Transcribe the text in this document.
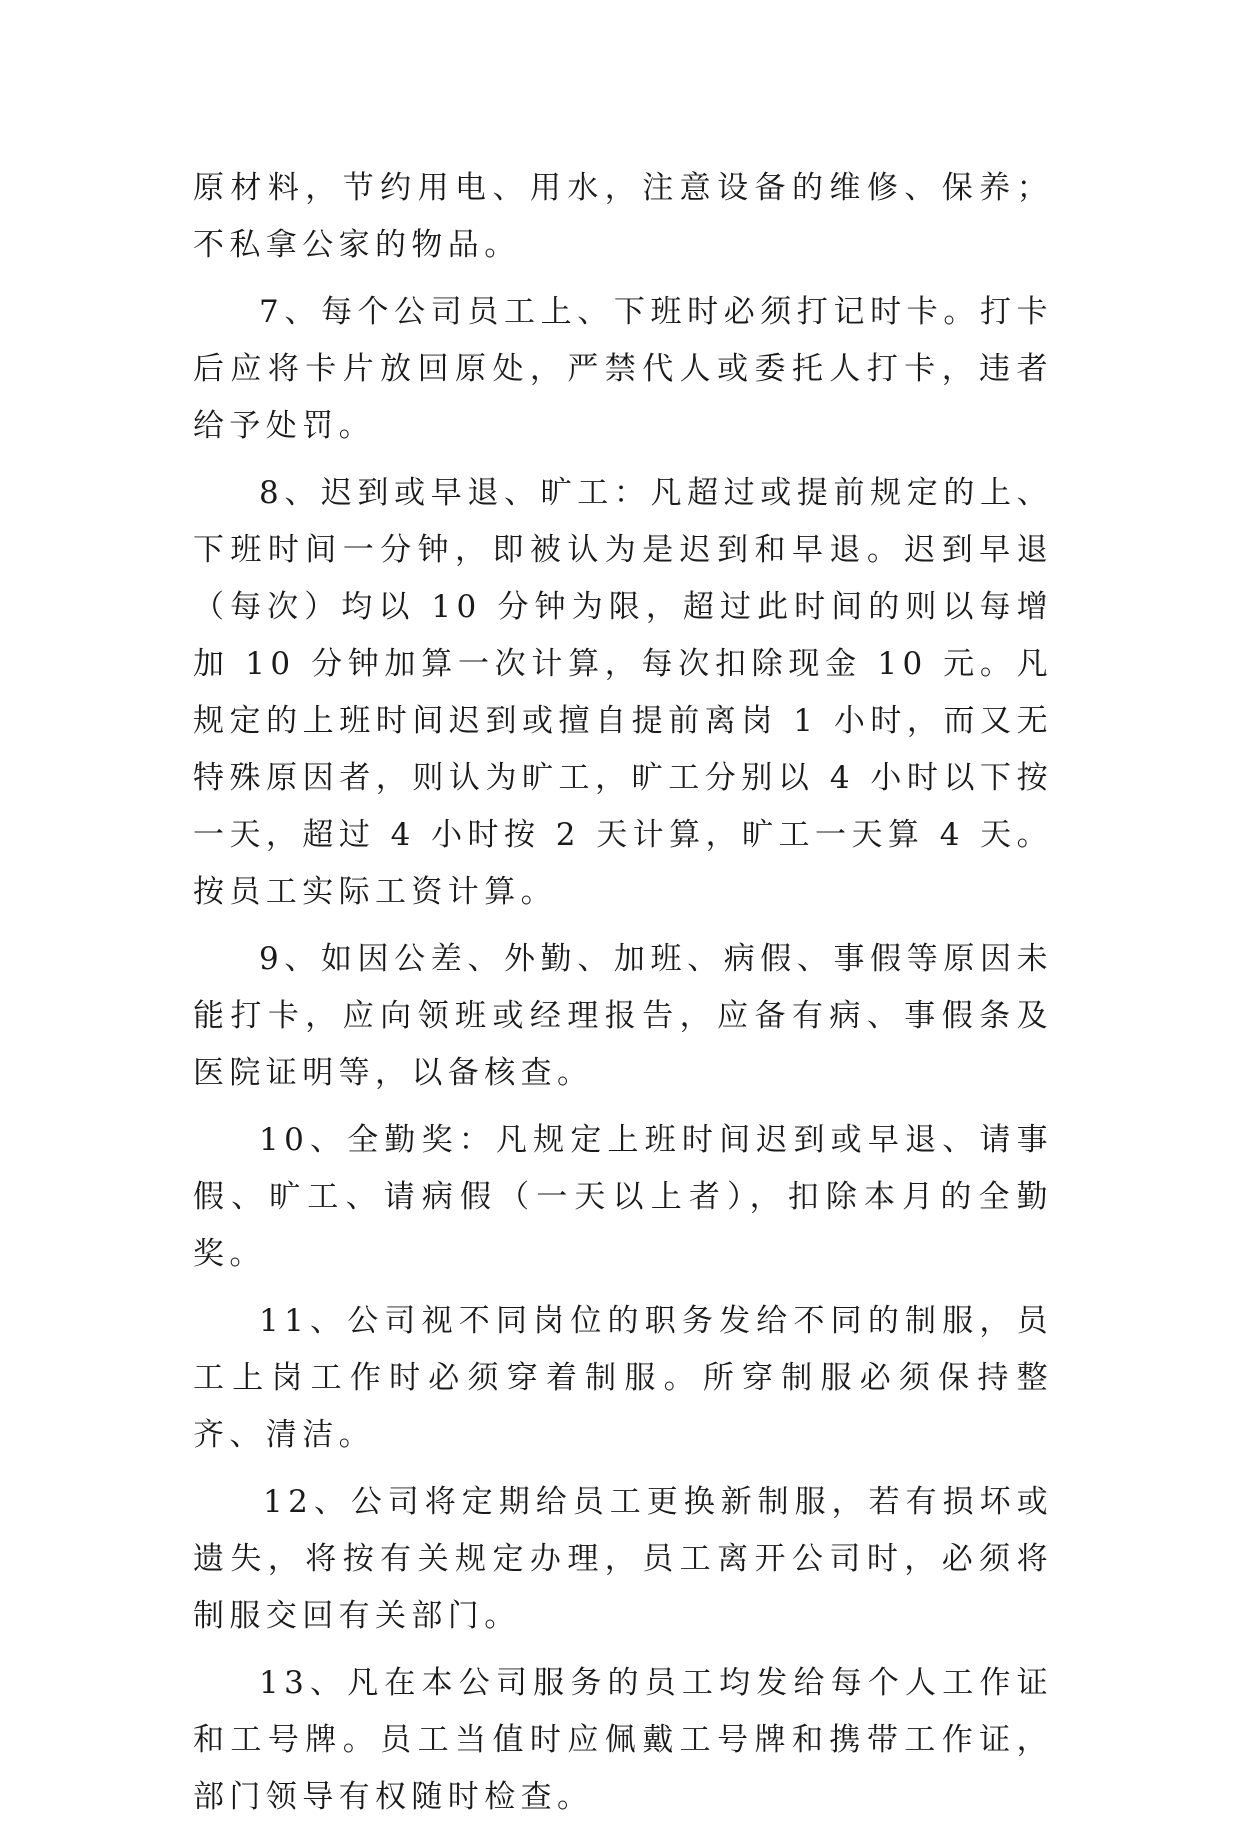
原材料，节约用电、用水，注意设备的维修、保养；不私拿公家的物品。

7、每个公司员工上、下班时必须打记时卡。打卡后应将卡片放回原处，严禁代人或委托人打卡，违者给予处罚。

8、迟到或早退、旷工：凡超过或提前规定的上、下班时间一分钟，即被认为是迟到和早退。迟到早退（每次）均以 10 分钟为限，超过此时间的则以每增加 10 分钟加算一次计算，每次扣除现金 10 元。凡规定的上班时间迟到或擅自提前离岗 1 小时，而又无特殊原因者，则认为旷工，旷工分别以 4 小时以下按一天，超过 4 小时按 2 天计算，旷工一天算 4 天。按员工实际工资计算。

9、如因公差、外勤、加班、病假、事假等原因未能打卡，应向领班或经理报告，应备有病、事假条及医院证明等，以备核查。

10、全勤奖：凡规定上班时间迟到或早退、请事假、旷工、请病假（一天以上者），扣除本月的全勤奖。

11、公司视不同岗位的职务发给不同的制服，员工上岗工作时必须穿着制服。所穿制服必须保持整齐、清洁。

12、公司将定期给员工更换新制服，若有损坏或遗失，将按有关规定办理，员工离开公司时，必须将制服交回有关部门。

13、凡在本公司服务的员工均发给每个人工作证和工号牌。员工当值时应佩戴工号牌和携带工作证，部门领导有权随时检查。
